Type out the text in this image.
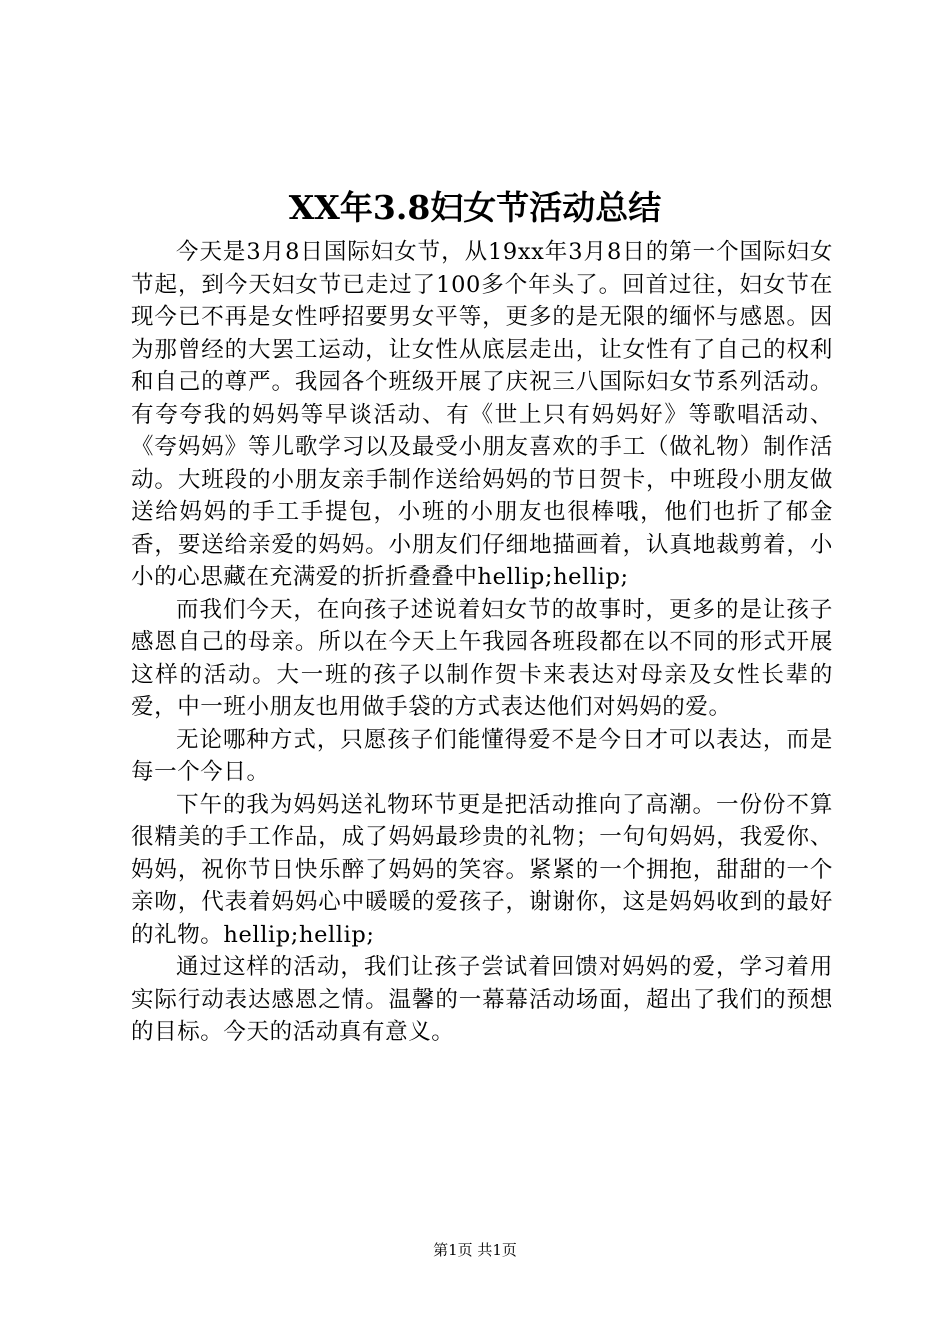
XX年3.8妇女节活动总结

今天是3月8日国际妇女节，从19xx年3月8日的第一个国际妇女节起，到今天妇女节已走过了100多个年头了。回首过往，妇女节在现今已不再是女性呼招要男女平等，更多的是无限的缅怀与感恩。因为那曾经的大罢工运动，让女性从底层走出，让女性有了自己的权利和自己的尊严。我园各个班级开展了庆祝三八国际妇女节系列活动。有夸夸我的妈妈等早谈活动、有《世上只有妈妈好》等歌唱活动、《夸妈妈》等儿歌学习以及最受小朋友喜欢的手工（做礼物）制作活动。大班段的小朋友亲手制作送给妈妈的节日贺卡，中班段小朋友做送给妈妈的手工手提包，小班的小朋友也很棒哦，他们也折了郁金香，要送给亲爱的妈妈。小朋友们仔细地描画着，认真地裁剪着，小小的心思藏在充满爱的折折叠叠中hellip;hellip;

而我们今天，在向孩子述说着妇女节的故事时，更多的是让孩子感恩自己的母亲。所以在今天上午我园各班段都在以不同的形式开展这样的活动。大一班的孩子以制作贺卡来表达对母亲及女性长辈的爱，中一班小朋友也用做手袋的方式表达他们对妈妈的爱。

无论哪种方式，只愿孩子们能懂得爱不是今日才可以表达，而是每一个今日。

下午的我为妈妈送礼物环节更是把活动推向了高潮。一份份不算很精美的手工作品，成了妈妈最珍贵的礼物；一句句妈妈，我爱你、妈妈，祝你节日快乐醉了妈妈的笑容。紧紧的一个拥抱，甜甜的一个亲吻，代表着妈妈心中暖暖的爱孩子，谢谢你，这是妈妈收到的最好的礼物。hellip;hellip;

通过这样的活动，我们让孩子尝试着回馈对妈妈的爱，学习着用实际行动表达感恩之情。温馨的一幕幕活动场面，超出了我们的预想的目标。今天的活动真有意义。

第1页 共1页
